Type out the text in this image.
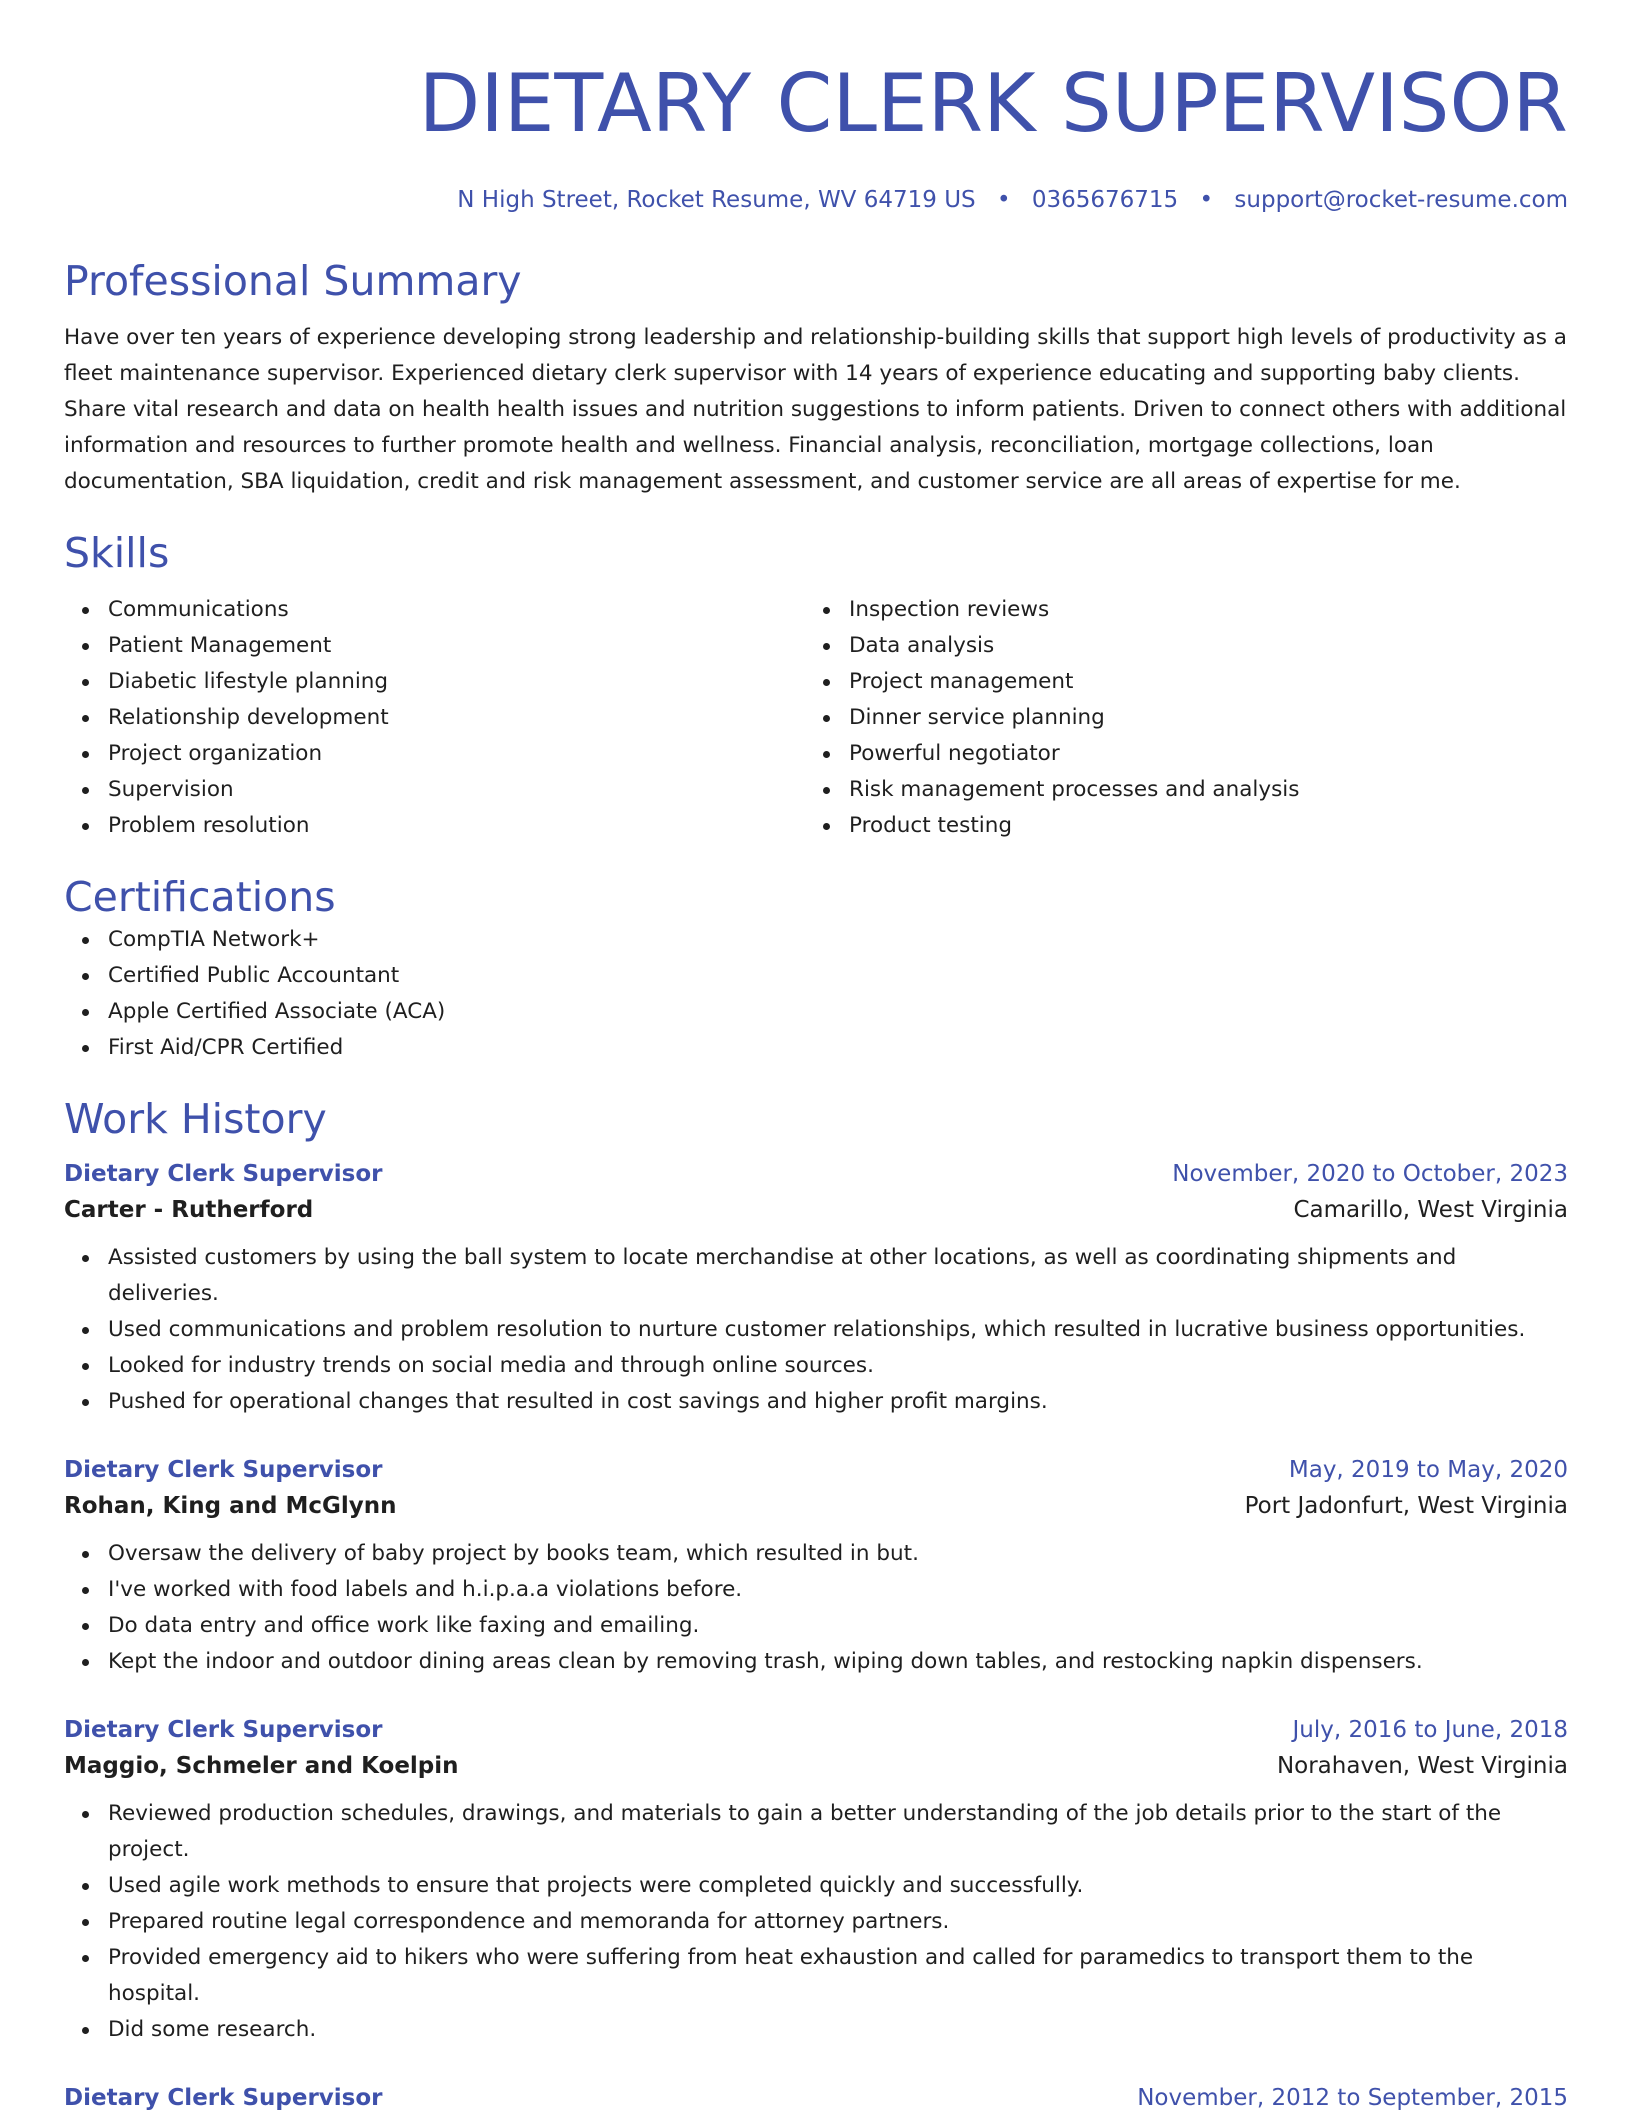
DIETARY CLERK SUPERVISOR
N High Street, Rocket Resume, WV 64719 US • 0365676715 • support@rocket-resume.com
Professional Summary

Have over ten years of experience developing strong leadership and relationship-building skills that support high levels of productivity as a fleet maintenance supervisor. Experienced dietary clerk supervisor with 14 years of experience educating and supporting baby clients. Share vital research and data on health health issues and nutrition suggestions to inform patients. Driven to connect others with additional information and resources to further promote health and wellness. Financial analysis, reconciliation, mortgage collections, loan documentation, SBA liquidation, credit and risk management assessment, and customer service are all areas of expertise for me.

Skills
Communications
Patient Management
Diabetic lifestyle planning
Relationship development
Project organization
Supervision
Problem resolution
Inspection reviews
Data analysis
Project management
Dinner service planning
Powerful negotiator
Risk management processes and analysis
Product testing
Certifications
CompTIA Network+
Certified Public Accountant
Apple Certified Associate (ACA)
First Aid/CPR Certified
Work History
Dietary Clerk Supervisor	November, 2020 to October, 2023
Carter - Rutherford	Camarillo, West Virginia
Assisted customers by using the ball system to locate merchandise at other locations, as well as coordinating shipments and deliveries.
Used communications and problem resolution to nurture customer relationships, which resulted in lucrative business opportunities.
Looked for industry trends on social media and through online sources.
Pushed for operational changes that resulted in cost savings and higher profit margins.
Dietary Clerk Supervisor	May, 2019 to May, 2020
Rohan, King and McGlynn	Port Jadonfurt, West Virginia
Oversaw the delivery of baby project by books team, which resulted in but.
I've worked with food labels and h.i.p.a.a violations before.
Do data entry and office work like faxing and emailing.
Kept the indoor and outdoor dining areas clean by removing trash, wiping down tables, and restocking napkin dispensers.
Dietary Clerk Supervisor	July, 2016 to June, 2018
Maggio, Schmeler and Koelpin	Norahaven, West Virginia
Reviewed production schedules, drawings, and materials to gain a better understanding of the job details prior to the start of the project.
Used agile work methods to ensure that projects were completed quickly and successfully.
Prepared routine legal correspondence and memoranda for attorney partners.
Provided emergency aid to hikers who were suffering from heat exhaustion and called for paramedics to transport them to the hospital.
Did some research.
Dietary Clerk Supervisor	November, 2012 to September, 2015
